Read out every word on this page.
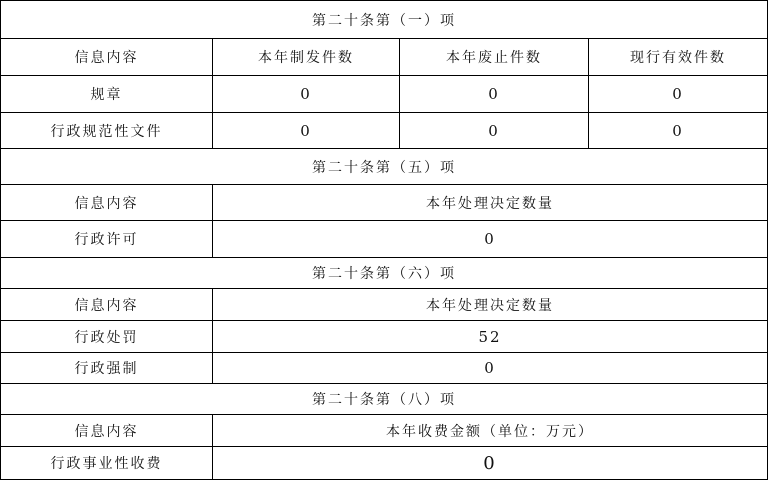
第二十条第（一）项			
信息内容	本年制发件数	本年废止件数	现行有效件数
规章	0	0	0
行政规范性文件	0	0	0
第二十条第（五）项			
信息内容	本年处理决定数量		
行政许可	0		
第二十条第（六）项			
信息内容	本年处理决定数量		
行政处罚	52		
行政强制	0		
第二十条第（八）项			
信息内容	本年收费金额（单位：万元）		
行政事业性收费	0		
